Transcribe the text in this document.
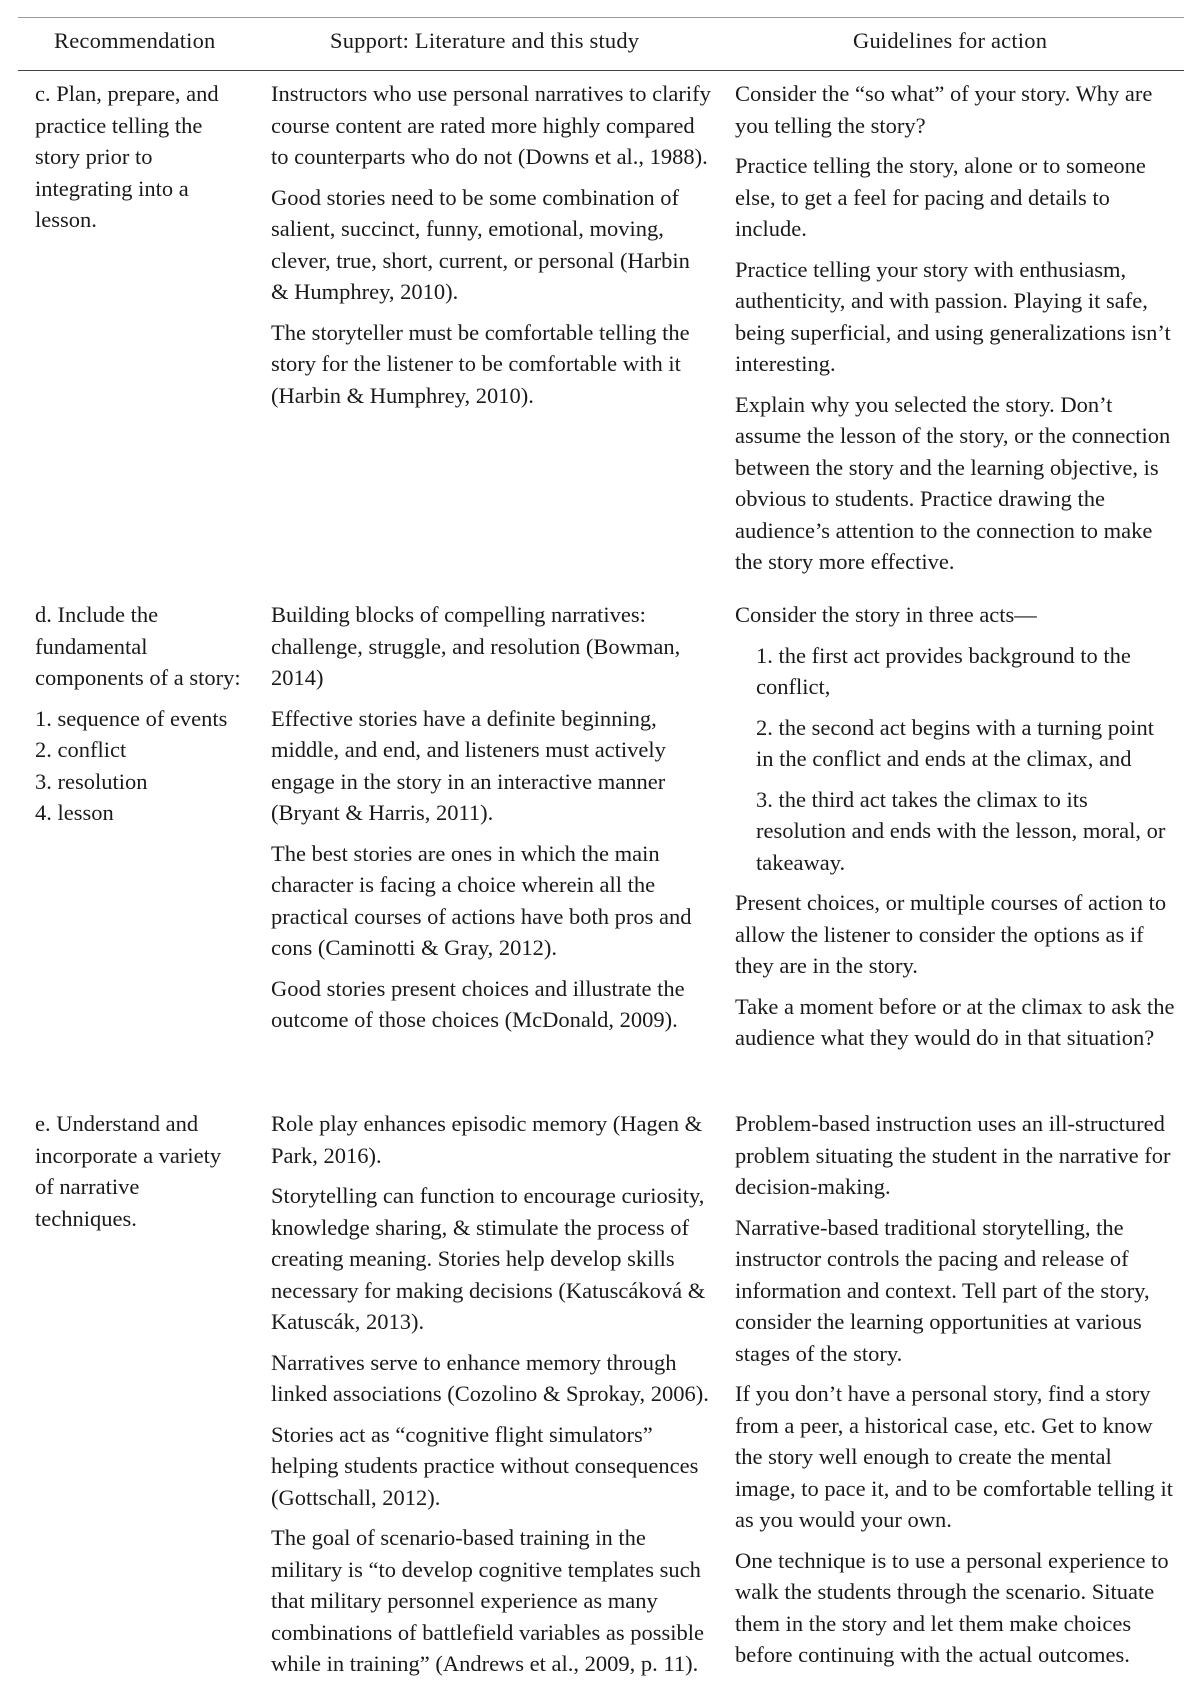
Recommendation	Support: Literature and this study	Guidelines for action

c. Plan, prepare, and practice telling the story prior to integrating into a lesson.

Instructors who use personal narratives to clarify course content are rated more highly compared to counterparts who do not (Downs et al., 1988).

Good stories need to be some combination of salient, succinct, funny, emotional, moving, clever, true, short, current, or personal (Harbin & Humphrey, 2010).

The storyteller must be comfortable telling the story for the listener to be comfortable with it (Harbin & Humphrey, 2010).

Consider the “so what” of your story. Why are you telling the story?

Practice telling the story, alone or to someone else, to get a feel for pacing and details to include.

Practice telling your story with enthusiasm, authenticity, and with passion. Playing it safe, being superficial, and using generalizations isn’t interesting.

Explain why you selected the story. Don’t assume the lesson of the story, or the connection between the story and the learning objective, is obvious to students. Practice drawing the audience’s attention to the connection to make the story more effective.

d. Include the fundamental components of a story:

1. sequence of events
2. conflict
3. resolution
4. lesson

Building blocks of compelling narratives: challenge, struggle, and resolution (Bowman, 2014)

Effective stories have a definite beginning, middle, and end, and listeners must actively engage in the story in an interactive manner (Bryant & Harris, 2011).

The best stories are ones in which the main character is facing a choice wherein all the practical courses of actions have both pros and cons (Caminotti & Gray, 2012).

Good stories present choices and illustrate the outcome of those choices (McDonald, 2009).

Consider the story in three acts—

1. the first act provides background to the conflict,

2. the second act begins with a turning point in the conflict and ends at the climax, and

3. the third act takes the climax to its resolution and ends with the lesson, moral, or takeaway.

Present choices, or multiple courses of action to allow the listener to consider the options as if they are in the story.

Take a moment before or at the climax to ask the audience what they would do in that situation?

e. Understand and incorporate a variety of narrative techniques.

Role play enhances episodic memory (Hagen & Park, 2016).

Storytelling can function to encourage curiosity, knowledge sharing, & stimulate the process of creating meaning. Stories help develop skills necessary for making decisions (Katuscáková & Katuscák, 2013).

Narratives serve to enhance memory through linked associations (Cozolino & Sprokay, 2006).

Stories act as “cognitive flight simulators” helping students practice without consequences (Gottschall, 2012).

The goal of scenario-based training in the military is “to develop cognitive templates such that military personnel experience as many combinations of battlefield variables as possible while in training” (Andrews et al., 2009, p. 11).

Problem-based instruction uses an ill-structured problem situating the student in the narrative for decision-making.

Narrative-based traditional storytelling, the instructor controls the pacing and release of information and context. Tell part of the story, consider the learning opportunities at various stages of the story.

If you don’t have a personal story, find a story from a peer, a historical case, etc. Get to know the story well enough to create the mental image, to pace it, and to be comfortable telling it as you would your own.

One technique is to use a personal experience to walk the students through the scenario. Situate them in the story and let them make choices before continuing with the actual outcomes.
